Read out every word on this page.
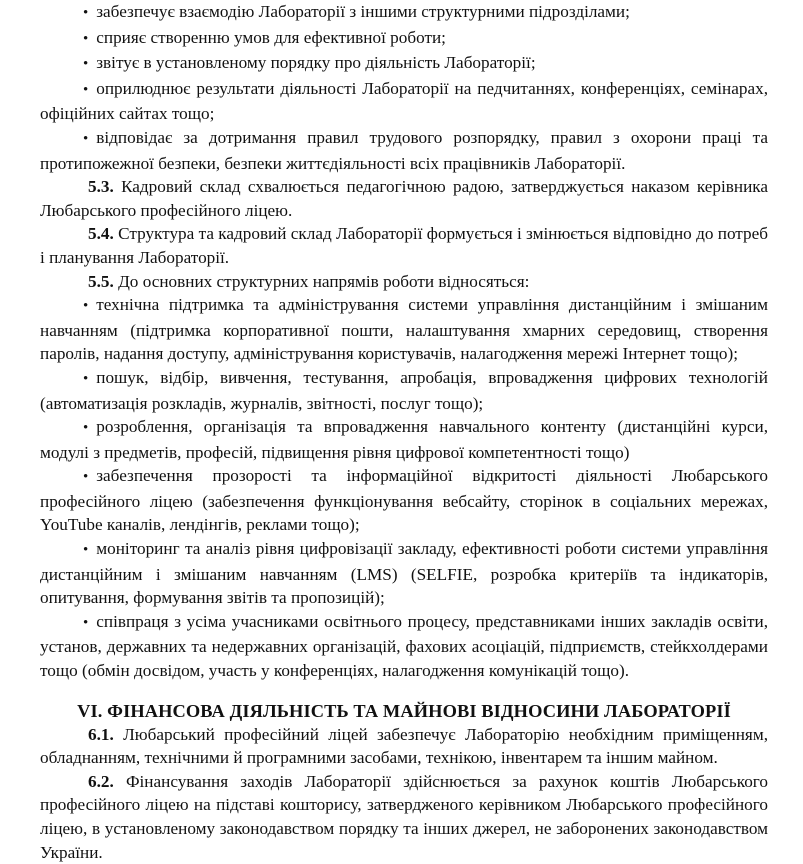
• забезпечує взаємодію Лабораторії з іншими структурними підрозділами;

• сприяє створенню умов для ефективної роботи;

• звітує в установленому порядку про діяльність Лабораторії;

• оприлюднює результати діяльності Лабораторії на педчитаннях, конференціях, семінарах, офіційних сайтах тощо;

• відповідає за дотримання правил трудового розпорядку, правил з охорони праці та протипожежної безпеки, безпеки життєдіяльності всіх працівників Лабораторії.

5.3. Кадровий склад схвалюється педагогічною радою, затверджується наказом керівника Любарського професійного ліцею.

5.4. Структура та кадровий склад Лабораторії формується і змінюється відповідно до потреб і планування Лабораторії.

5.5. До основних структурних напрямів роботи відносяться:

• технічна підтримка та адміністрування системи управління дистанційним і змішаним навчанням (підтримка корпоративної пошти, налаштування хмарних середовищ, створення паролів, надання доступу, адміністрування користувачів, налагодження мережі Інтернет тощо);

• пошук, відбір, вивчення, тестування, апробація, впровадження цифрових технологій (автоматизація розкладів, журналів, звітності, послуг тощо);

• розроблення, організація та впровадження навчального контенту (дистанційні курси, модулі з предметів, професій, підвищення рівня цифрової компетентності тощо)

• забезпечення прозорості та інформаційної відкритості діяльності Любарського професійного ліцею (забезпечення функціонування вебсайту, сторінок в соціальних мережах, YouTube каналів, лендінгів, реклами тощо);

• моніторинг та аналіз рівня цифровізації закладу, ефективності роботи системи управління дистанційним і змішаним навчанням (LMS) (SELFIE, розробка критеріїв та індикаторів, опитування, формування звітів та пропозицій);

• співпраця з усіма учасниками освітнього процесу, представниками інших закладів освіти, установ, державних та недержавних організацій, фахових асоціацій, підприємств, стейкхолдерами тощо (обмін досвідом, участь у конференціях, налагодження комунікацій тощо).

VI. ФІНАНСОВА ДІЯЛЬНІСТЬ ТА МАЙНОВІ ВІДНОСИНИ ЛАБОРАТОРІЇ

6.1. Любарський професійний ліцей забезпечує Лабораторію необхідним приміщенням, обладнанням, технічними й програмними засобами, технікою, інвентарем та іншим майном.

6.2. Фінансування заходів Лабораторії здійснюється за рахунок коштів Любарського професійного ліцею на підставі кошторису, затвердженого керівником Любарського професійного ліцею, в установленому законодавством порядку та інших джерел, не заборонених законодавством України.
